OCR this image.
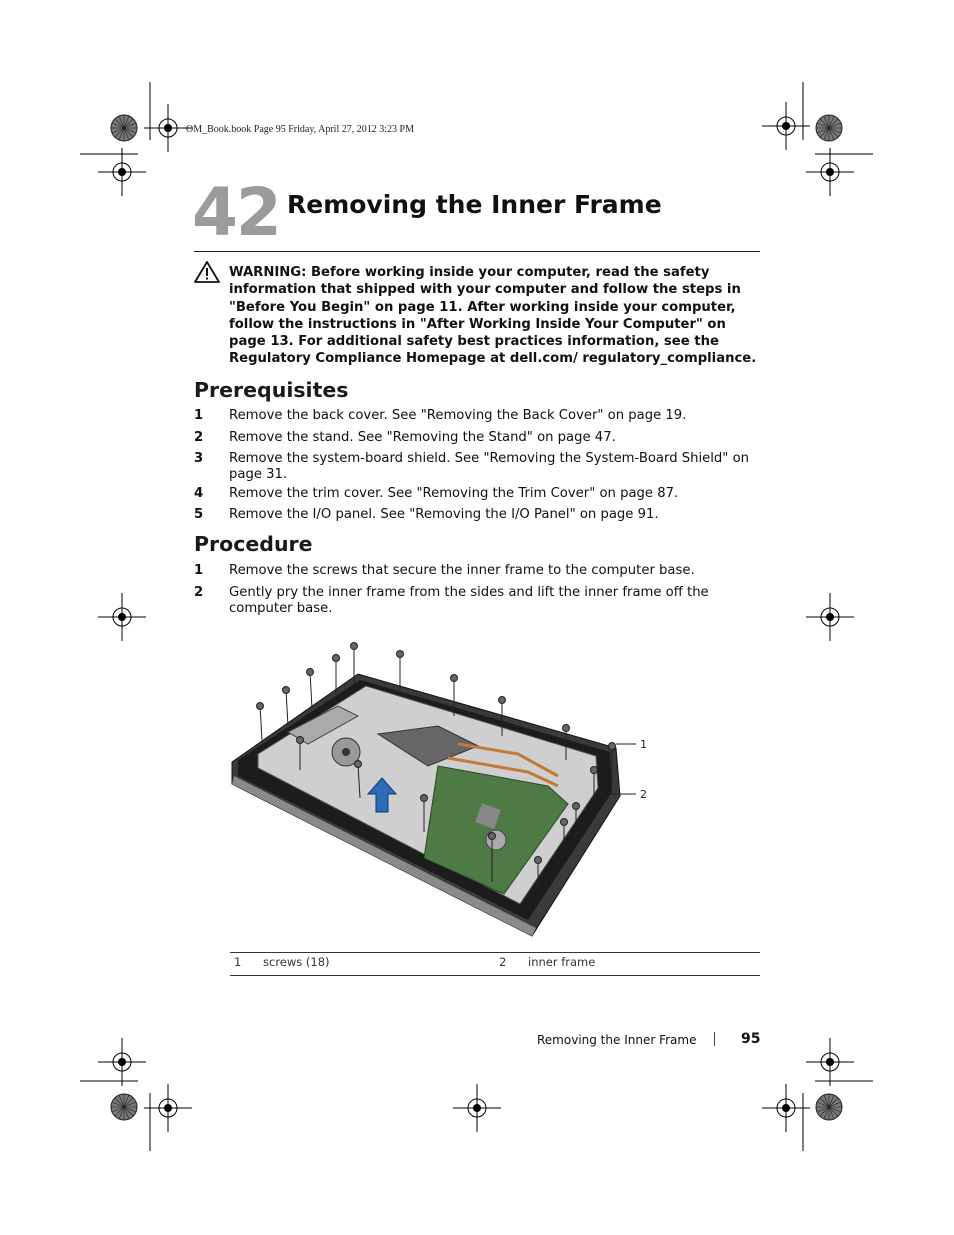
OM_Book.book Page 95 Friday, April 27, 2012 3:23 PM
42 Removing the Inner Frame
WARNING: Before working inside your computer, read the safety information that shipped with your computer and follow the steps in "Before You Begin" on page 11. After working inside your computer, follow the instructions in "After Working Inside Your Computer" on page 13. For additional safety best practices information, see the Regulatory Compliance Homepage at dell.com/ regulatory_compliance.
Prerequisites
1 Remove the back cover. See "Removing the Back Cover" on page 19.
2 Remove the stand. See "Removing the Stand" on page 47.
3 Remove the system-board shield. See "Removing the System-Board Shield" on page 31.
4 Remove the trim cover. See "Removing the Trim Cover" on page 87.
5 Remove the I/O panel. See "Removing the I/O Panel" on page 91.
Procedure
1 Remove the screws that secure the inner frame to the computer base.
2 Gently pry the inner frame from the sides and lift the inner frame off the computer base.
1
2
1 screws (18)	2 inner frame
Removing the Inner Frame	95
